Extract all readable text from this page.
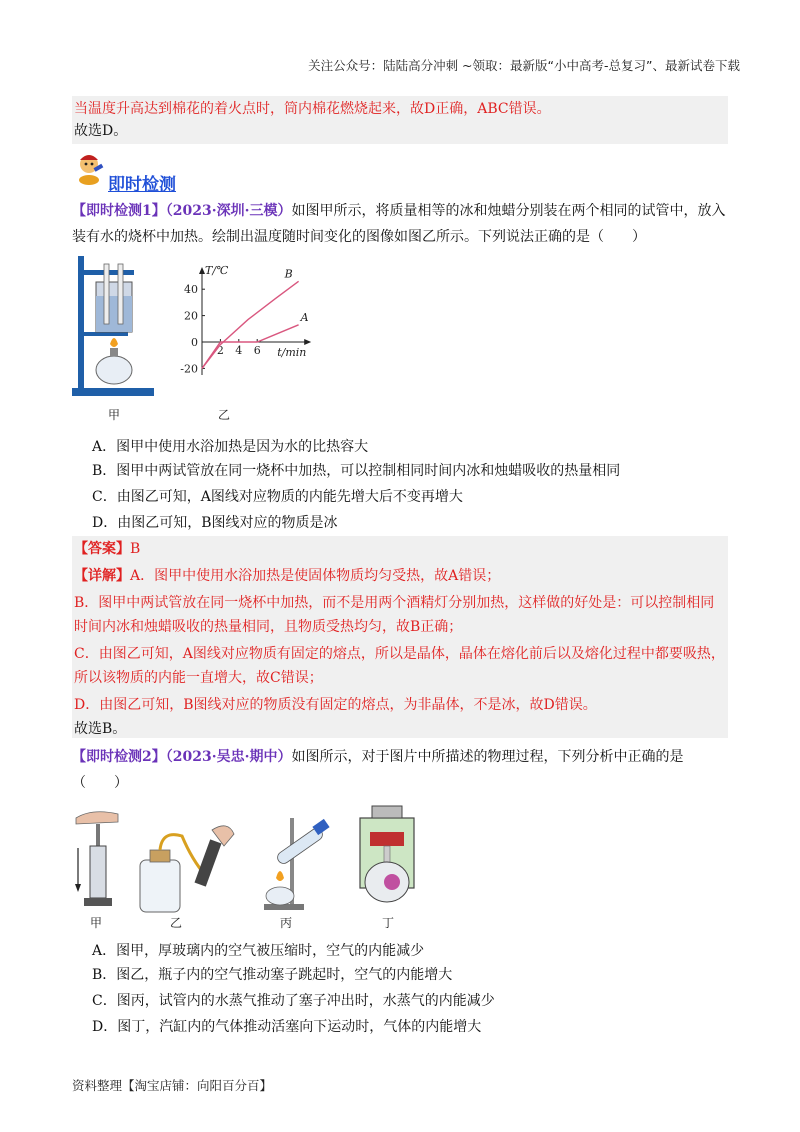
关注公众号：陆陆高分冲刺 ~领取：最新版“小中高考-总复习”、最新试卷下载
当温度升高达到棉花的着火点时，筒内棉花燃烧起来，故D正确，ABC错误。
故选D。
即时检测
【即时检测1】（2023·深圳·三模）如图甲所示，将质量相等的冰和烛蜡分别装在两个相同的试管中，放入
装有水的烧杯中加热。绘制出温度随时间变化的图像如图乙所示。下列说法正确的是（　　）
甲
-20
0
20
40
2 4 6
T/℃
t/min
A
B
乙
A．图甲中使用水浴加热是因为水的比热容大
B．图甲中两试管放在同一烧杯中加热，可以控制相同时间内冰和烛蜡吸收的热量相同
C．由图乙可知，A图线对应物质的内能先增大后不变再增大
D．由图乙可知，B图线对应的物质是冰
【答案】B
【详解】A．图甲中使用水浴加热是使固体物质均匀受热，故A错误；
B．图甲中两试管放在同一烧杯中加热，而不是用两个酒精灯分别加热，这样做的好处是：可以控制相同
时间内冰和烛蜡吸收的热量相同，且物质受热均匀，故B正确；
C．由图乙可知，A图线对应物质有固定的熔点，所以是晶体，晶体在熔化前后以及熔化过程中都要吸热，
所以该物质的内能一直增大，故C错误；
D．由图乙可知，B图线对应的物质没有固定的熔点，为非晶体，不是冰，故D错误。
故选B。
【即时检测2】（2023·吴忠·期中）如图所示，对于图片中所描述的物理过程，下列分析中正确的是
（　　）
甲	乙	丙	丁
A．图甲，厚玻璃内的空气被压缩时，空气的内能减少
B．图乙，瓶子内的空气推动塞子跳起时，空气的内能增大
C．图丙，试管内的水蒸气推动了塞子冲出时，水蒸气的内能减少
D．图丁，汽缸内的气体推动活塞向下运动时，气体的内能增大
资料整理【淘宝店铺：向阳百分百】
